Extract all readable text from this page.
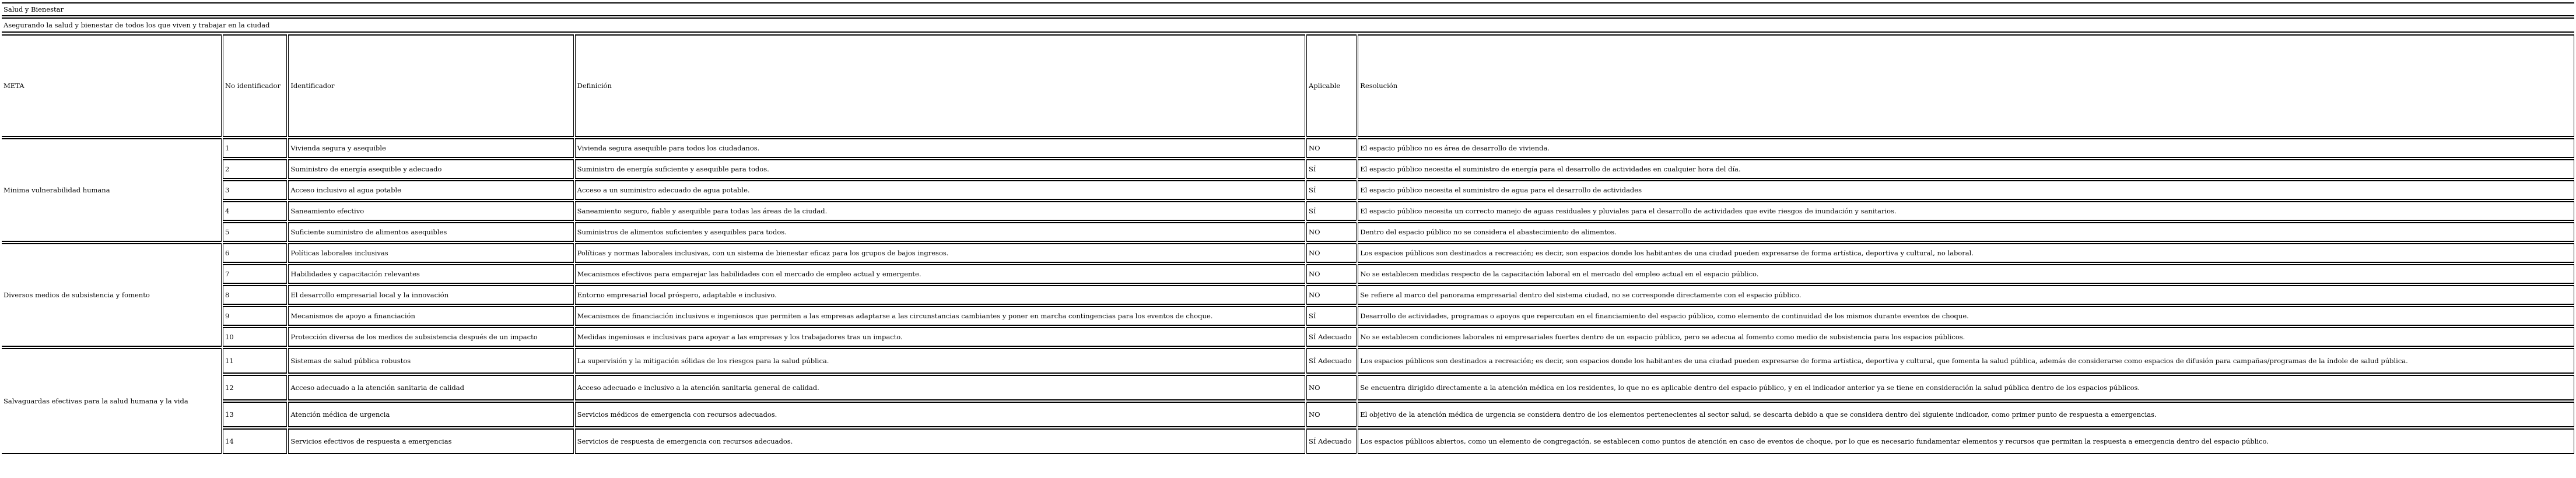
Salud y Bienestar
Asegurando la salud y bienestar de todos los que viven y trabajar en la ciudad
META	No identificador	Identificador	Definición	Aplicable	Resolución
Minima vulnerabilidad humana	1	Vivienda segura y asequible	Vivienda segura asequible para todos los ciudadanos.	NO	El espacio público no es área de desarrollo de vivienda.
	2	Suministro de energía asequible y adecuado	Suministro de energía suficiente y asequible para todos.	SÍ	El espacio público necesita el suministro de energía para el desarrollo de actividades en cualquier hora del día.
	3	Acceso inclusivo al agua potable	Acceso a un suministro adecuado de agua potable.	SÍ	El espacio público necesita el suministro de agua para el desarrollo de actividades
	4	Saneamiento efectivo	Saneamiento seguro, fiable y asequible para todas las áreas de la ciudad.	SÍ	El espacio público necesita un correcto manejo de aguas residuales y pluviales para el desarrollo de actividades que evite riesgos de inundación y sanitarios.
	5	Suficiente suministro de alimentos asequibles	Suministros de alimentos suficientes y asequibles para todos.	NO	Dentro del espacio público no se considera el abastecimiento de alimentos.
Diversos medios de subsistencia y fomento	6	Políticas laborales inclusivas	Políticas y normas laborales inclusivas, con un sistema de bienestar eficaz para los grupos de bajos ingresos.	NO	Los espacios públicos son destinados a recreación; es decir, son espacios donde los habitantes de una ciudad pueden expresarse de forma artística, deportiva y cultural, no laboral.
	7	Habilidades y capacitación relevantes	Mecanismos efectivos para emparejar las habilidades con el mercado de empleo actual y emergente.	NO	No se establecen medidas respecto de la capacitación laboral en el mercado del empleo actual en el espacio público.
	8	El desarrollo empresarial local y la innovación	Entorno empresarial local próspero, adaptable e inclusivo.	NO	Se refiere al marco del panorama empresarial dentro del sistema ciudad, no se corresponde directamente con el espacio público.
	9	Mecanismos de apoyo a financiación	Mecanismos de financiación inclusivos e ingeniosos que permiten a las empresas adaptarse a las circunstancias cambiantes y poner en marcha contingencias para los eventos de choque.	SÍ	Desarrollo de actividades, programas o apoyos que repercutan en el financiamiento del espacio público, como elemento de continuidad de los mismos durante eventos de choque.
	10	Protección diversa de los medios de subsistencia después de un impacto	Medidas ingeniosas e inclusivas para apoyar a las empresas y los trabajadores tras un impacto.	SÍ Adecuado	No se establecen condiciones laborales ni empresariales fuertes dentro de un espacio público, pero se adecua al fomento como medio de subsistencia para los espacios públicos.
Salvaguardas efectivas para la salud humana y la vida	11	Sistemas de salud pública robustos	La supervisión y la mitigación sólidas de los riesgos para la salud pública.	SÍ Adecuado	Los espacios públicos son destinados a recreación; es decir, son espacios donde los habitantes de una ciudad pueden expresarse de forma artística, deportiva y cultural, que fomenta la salud pública, además de considerarse como espacios de difusión para campañas/programas de la índole de salud pública.
	12	Acceso adecuado a la atención sanitaria de calidad	Acceso adecuado e inclusivo a la atención sanitaria general de calidad.	NO	Se encuentra dirigido directamente a la atención médica en los residentes, lo que no es aplicable dentro del espacio público, y en el indicador anterior ya se tiene en consideración la salud pública dentro de los espacios públicos.
	13	Atención médica de urgencia	Servicios médicos de emergencia con recursos adecuados.	NO	El objetivo de la atención médica de urgencia se considera dentro de los elementos pertenecientes al sector salud, se descarta debido a que se considera dentro del siguiente indicador, como primer punto de respuesta a emergencias.
	14	Servicios efectivos de respuesta a emergencias	Servicios de respuesta de emergencia con recursos adecuados.	SÍ Adecuado	Los espacios públicos abiertos, como un elemento de congregación, se establecen como puntos de atención en caso de eventos de choque, por lo que es necesario fundamentar elementos y recursos que permitan la respuesta a emergencia dentro del espacio público.
